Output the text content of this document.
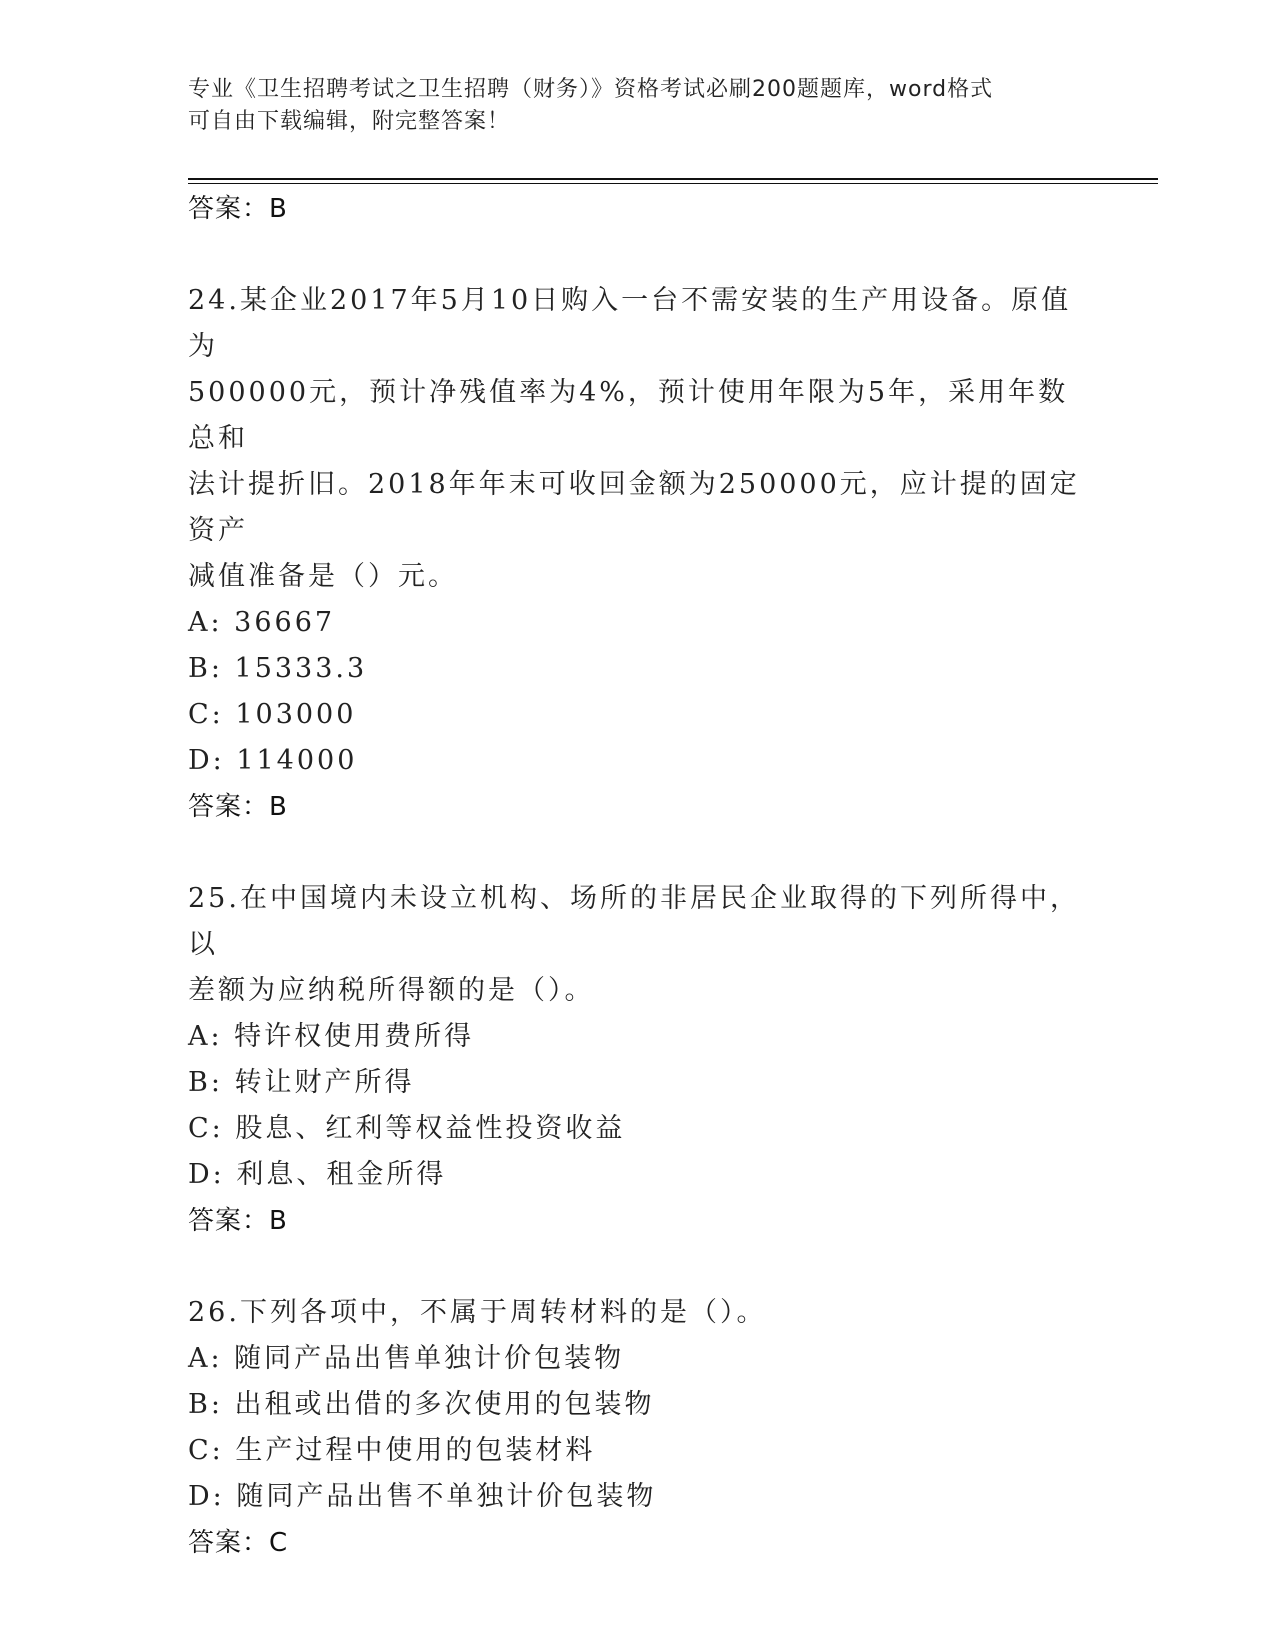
专业《卫生招聘考试之卫生招聘（财务）》资格考试必刷200题题库，word格式
可自由下载编辑，附完整答案！
答案：B
24.某企业2017年5月10日购入一台不需安装的生产用设备。原值为
500000元，预计净残值率为4%，预计使用年限为5年，采用年数总和
法计提折旧。2018年年末可收回金额为250000元，应计提的固定资产
减值准备是（）元。
A: 36667
B: 15333.3
C: 103000
D: 114000
答案：B
25.在中国境内未设立机构、场所的非居民企业取得的下列所得中，以
差额为应纳税所得额的是（）。
A: 特许权使用费所得
B: 转让财产所得
C: 股息、红利等权益性投资收益
D: 利息、租金所得
答案：B
26.下列各项中，不属于周转材料的是（）。
A: 随同产品出售单独计价包装物
B: 出租或出借的多次使用的包装物
C: 生产过程中使用的包装材料
D: 随同产品出售不单独计价包装物
答案：C
